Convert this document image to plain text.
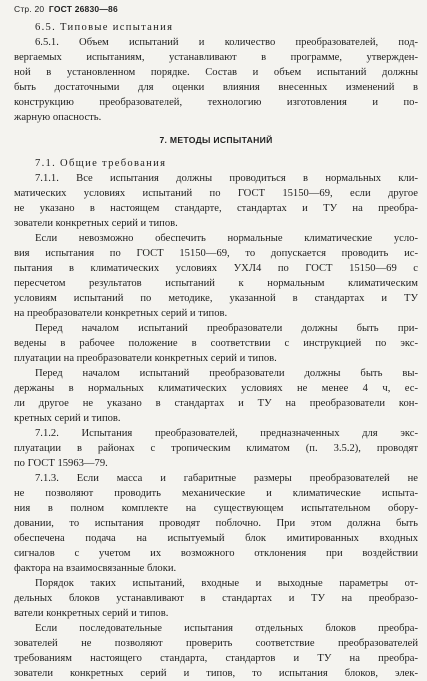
Стр. 20 ГОСТ 26830—86
6.5. Типовые испытания
6.5.1. Объем испытаний и количество преобразователей, под-
вергаемых испытаниям, устанавливают в программе, утвержден-
ной в установленном порядке. Состав и объем испытаний должны
быть достаточными для оценки влияния внесенных изменений в
конструкцию преобразователей, технологию изготовления и по-
жарную опасность.
7. МЕТОДЫ ИСПЫТАНИЙ
7.1. Общие требования
7.1.1. Все испытания должны проводиться в нормальных кли-
матических условиях испытаний по ГОСТ 15150—69, если другое
не указано в настоящем стандарте, стандартах и ТУ на преобра-
зователи конкретных серий и типов.
Если невозможно обеспечить нормальные климатические усло-
вия испытания по ГОСТ 15150—69, то допускается проводить ис-
пытания в климатических условиях УХЛ4 по ГОСТ 15150—69 с
пересчетом результатов испытаний к нормальным климатическим
условиям испытаний по методике, указанной в стандартах и ТУ
на преобразователи конкретных серий и типов.
Перед началом испытаний преобразователи должны быть при-
ведены в рабочее положение в соответствии с инструкцией по экс-
плуатации на преобразователи конкретных серий и типов.
Перед началом испытаний преобразователи должны быть вы-
держаны в нормальных климатических условиях не менее 4 ч, ес-
ли другое не указано в стандартах и ТУ на преобразователи кон-
кретных серий и типов.
7.1.2. Испытания преобразователей, предназначенных для экс-
плуатации в районах с тропическим климатом (п. 3.5.2), проводят
по ГОСТ 15963—79.
7.1.3. Если масса и габаритные размеры преобразователей не
не позволяют проводить механические и климатические испыта-
ния в полном комплекте на существующем испытательном обору-
довании, то испытания проводят поблочно. При этом должна быть
обеспечена подача на испытуемый блок имитированных входных
сигналов с учетом их возможного отклонения при воздействии
фактора на взаимосвязанные блоки.
Порядок таких испытаний, входные и выходные параметры от-
дельных блоков устанавливают в стандартах и ТУ на преобразо-
ватели конкретных серий и типов.
Если последовательные испытания отдельных блоков преобра-
зователей не позволяют проверить соответствие преобразователей
требованиям настоящего стандарта, стандартов и ТУ на преобра-
зователи конкретных серий и типов, то испытания блоков, элек-
